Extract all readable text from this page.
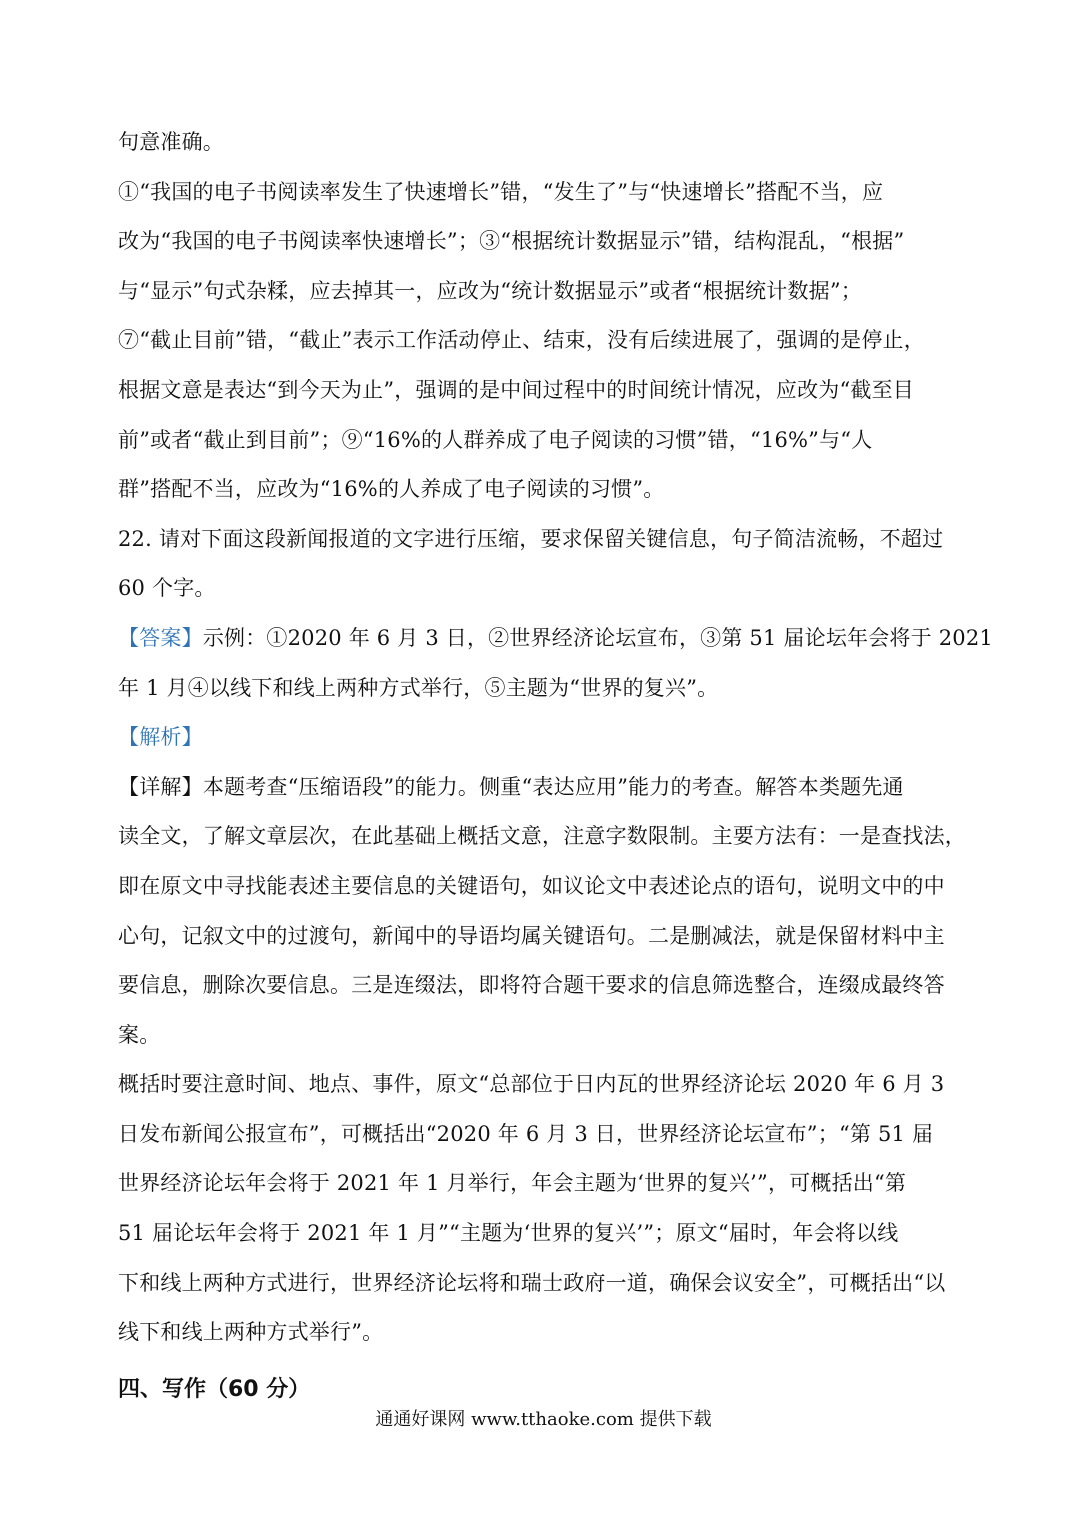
句意准确。
①“我国的电子书阅读率发生了快速增长”错，“发生了”与“快速增长”搭配不当，应
改为“我国的电子书阅读率快速增长”；③“根据统计数据显示”错，结构混乱，“根据”
与“显示”句式杂糅，应去掉其一，应改为“统计数据显示”或者“根据统计数据”；
⑦“截止目前”错，“截止”表示工作活动停止、结束，没有后续进展了，强调的是停止，
根据文意是表达“到今天为止”，强调的是中间过程中的时间统计情况，应改为“截至目
前”或者“截止到目前”；⑨“16%的人群养成了电子阅读的习惯”错，“16%”与“人
群”搭配不当，应改为“16%的人养成了电子阅读的习惯”。
22. 请对下面这段新闻报道的文字进行压缩，要求保留关键信息，句子简洁流畅，不超过
60 个字。
【答案】示例：①2020 年 6 月 3 日，②世界经济论坛宣布，③第 51 届论坛年会将于 2021
年 1 月④以线下和线上两种方式举行，⑤主题为“世界的复兴”。
【解析】
【详解】本题考查“压缩语段”的能力。侧重“表达应用”能力的考查。解答本类题先通
读全文，了解文章层次，在此基础上概括文意，注意字数限制。主要方法有：一是查找法，
即在原文中寻找能表述主要信息的关键语句，如议论文中表述论点的语句，说明文中的中
心句，记叙文中的过渡句，新闻中的导语均属关键语句。二是删减法，就是保留材料中主
要信息，删除次要信息。三是连缀法，即将符合题干要求的信息筛选整合，连缀成最终答
案。
概括时要注意时间、地点、事件，原文“总部位于日内瓦的世界经济论坛 2020 年 6 月 3
日发布新闻公报宣布”，可概括出“2020 年 6 月 3 日，世界经济论坛宣布”；“第 51 届
世界经济论坛年会将于 2021 年 1 月举行，年会主题为‘世界的复兴’”，可概括出“第
51 届论坛年会将于 2021 年 1 月”“主题为‘世界的复兴’”；原文“届时，年会将以线
下和线上两种方式进行，世界经济论坛将和瑞士政府一道，确保会议安全”，可概括出“以
线下和线上两种方式举行”。
四、写作（60 分）
通通好课网 www.tthaoke.com 提供下载
